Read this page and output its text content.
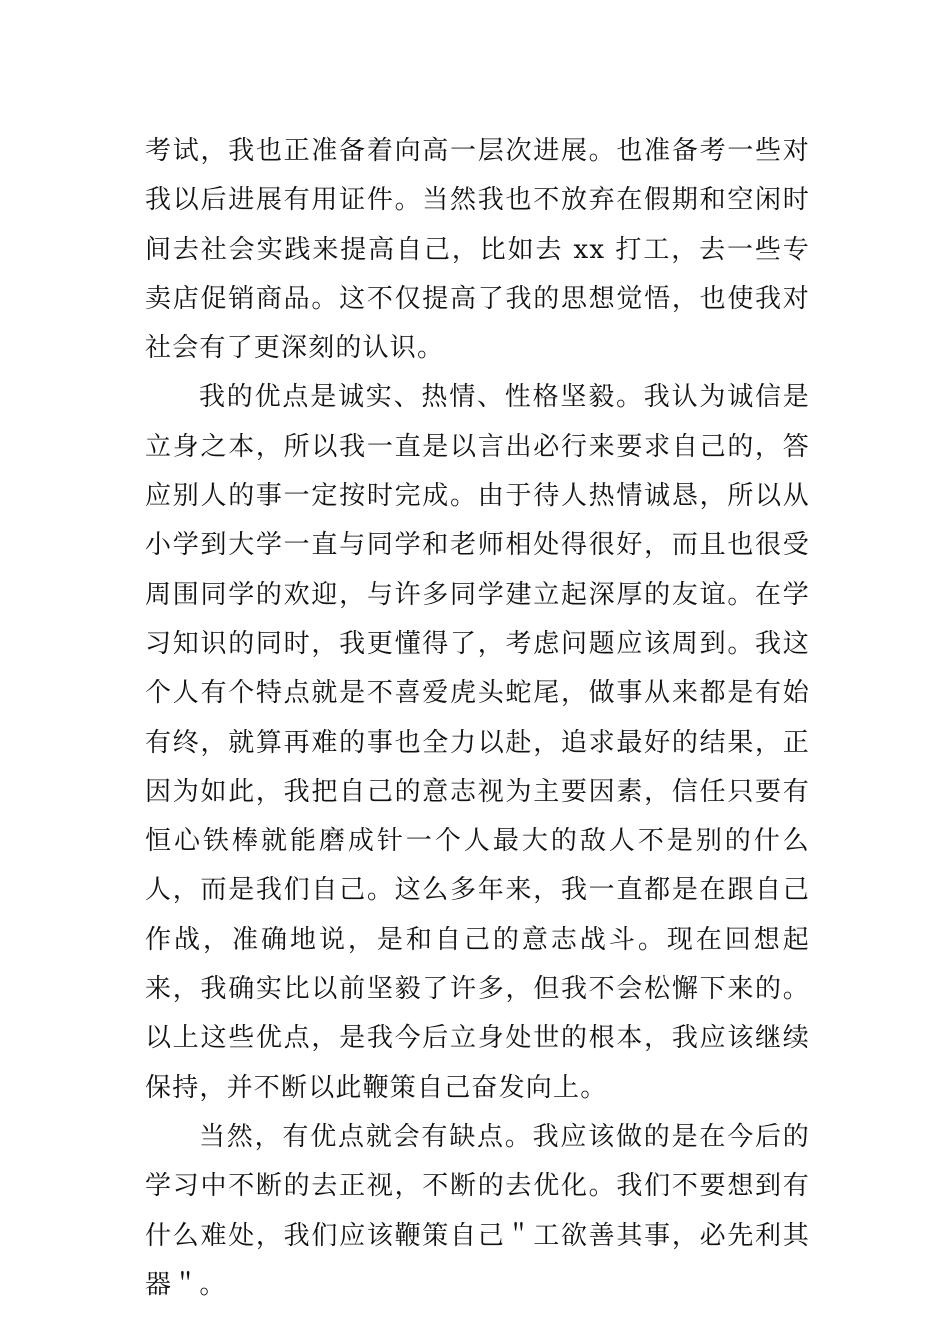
考试，我也正准备着向高一层次进展。也准备考一些对我以后进展有用证件。当然我也不放弃在假期和空闲时间去社会实践来提高自己，比如去 xx 打工，去一些专卖店促销商品。这不仅提高了我的思想觉悟，也使我对社会有了更深刻的认识。

我的优点是诚实、热情、性格坚毅。我认为诚信是立身之本，所以我一直是以言出必行来要求自己的，答应别人的事一定按时完成。由于待人热情诚恳，所以从小学到大学一直与同学和老师相处得很好，而且也很受周围同学的欢迎，与许多同学建立起深厚的友谊。在学习知识的同时，我更懂得了，考虑问题应该周到。我这个人有个特点就是不喜爱虎头蛇尾，做事从来都是有始有终，就算再难的事也全力以赴，追求最好的结果，正因为如此，我把自己的意志视为主要因素，信任只要有恒心铁棒就能磨成针一个人最大的敌人不是别的什么人，而是我们自己。这么多年来，我一直都是在跟自己作战，准确地说，是和自己的意志战斗。现在回想起来，我确实比以前坚毅了许多，但我不会松懈下来的。以上这些优点，是我今后立身处世的根本，我应该继续保持，并不断以此鞭策自己奋发向上。

当然，有优点就会有缺点。我应该做的是在今后的学习中不断的去正视，不断的去优化。我们不要想到有什么难处，我们应该鞭策自己＂工欲善其事，必先利其器＂。
